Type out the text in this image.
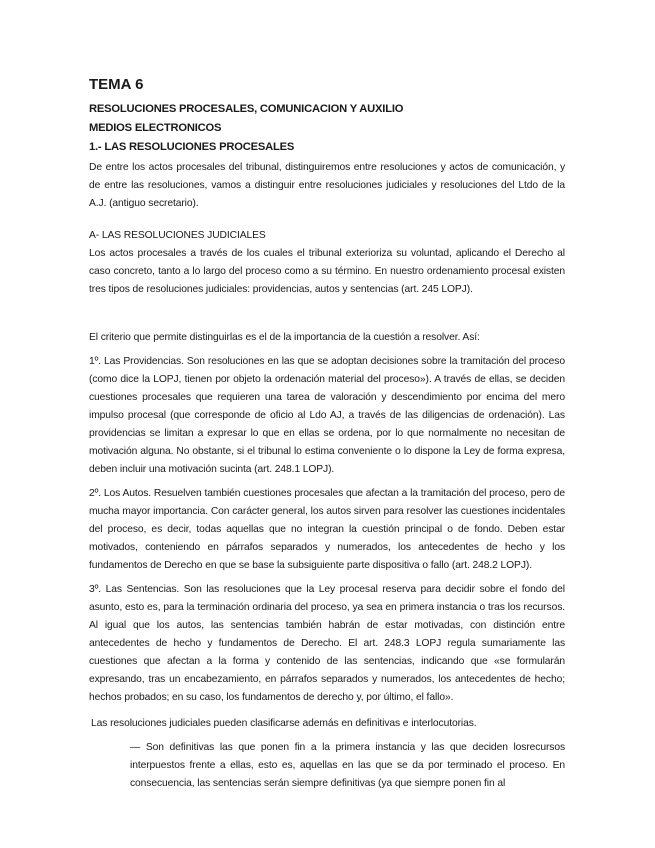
TEMA 6
RESOLUCIONES PROCESALES, COMUNICACION Y AUXILIO
MEDIOS ELECTRONICOS
1.- LAS RESOLUCIONES PROCESALES

De entre los actos procesales del tribunal, distinguiremos entre resoluciones y actos de comunicación, y de entre las resoluciones, vamos a distinguir entre resoluciones judiciales y resoluciones del Ltdo de la A.J. (antiguo secretario).

A- LAS RESOLUCIONES JUDICIALES

Los actos procesales a través de los cuales el tribunal exterioriza su voluntad, aplicando el Derecho al caso concreto, tanto a lo largo del proceso como a su término. En nuestro ordenamiento procesal existen tres tipos de resoluciones judiciales: providencias, autos y sentencias (art. 245 LOPJ).

El criterio que permite distinguirlas es el de la importancia de la cuestión a resolver. Así:

1º. Las Providencias. Son resoluciones en las que se adoptan decisiones sobre la tramitación del proceso (como dice la LOPJ, tienen por objeto la ordenación material del proceso»). A través de ellas, se deciden cuestiones procesales que requieren una tarea de valoración y descendimiento por encima del mero impulso procesal (que corresponde de oficio al Ldo AJ, a través de las diligencias de ordenación). Las providencias se limitan a expresar lo que en ellas se ordena, por lo que normalmente no necesitan de motivación alguna. No obstante, si el tribunal lo estima conveniente o lo dispone la Ley de forma expresa, deben incluir una motivación sucinta (art. 248.1 LOPJ).

2º. Los Autos. Resuelven también cuestiones procesales que afectan a la tramitación del proceso, pero de mucha mayor importancia. Con carácter general, los autos sirven para resolver las cuestiones incidentales del proceso, es decir, todas aquellas que no integran la cuestión principal o de fondo. Deben estar motivados, conteniendo en párrafos separados y numerados, los antecedentes de hecho y los fundamentos de Derecho en que se base la subsiguiente parte dispositiva o fallo (art. 248.2 LOPJ).

3º. Las Sentencias. Son las resoluciones que la Ley procesal reserva para decidir sobre el fondo del asunto, esto es, para la terminación ordinaria del proceso, ya sea en primera instancia o tras los recursos. Al igual que los autos, las sentencias también habrán de estar motivadas, con distinción entre antecedentes de hecho y fundamentos de Derecho. El art. 248.3 LOPJ regula sumariamente las cuestiones que afectan a la forma y contenido de las sentencias, indicando que «se formularán expresando, tras un encabezamiento, en párrafos separados y numerados, los antecedentes de hecho; hechos probados; en su caso, los fundamentos de derecho y, por último, el fallo».

Las resoluciones judiciales pueden clasificarse además en definitivas e interlocutorias.

— Son definitivas las que ponen fin a la primera instancia y las que deciden losrecursos interpuestos frente a ellas, esto es, aquellas en las que se da por terminado el proceso. En consecuencia, las sentencias serán siempre definitivas (ya que siempre ponen fin al
